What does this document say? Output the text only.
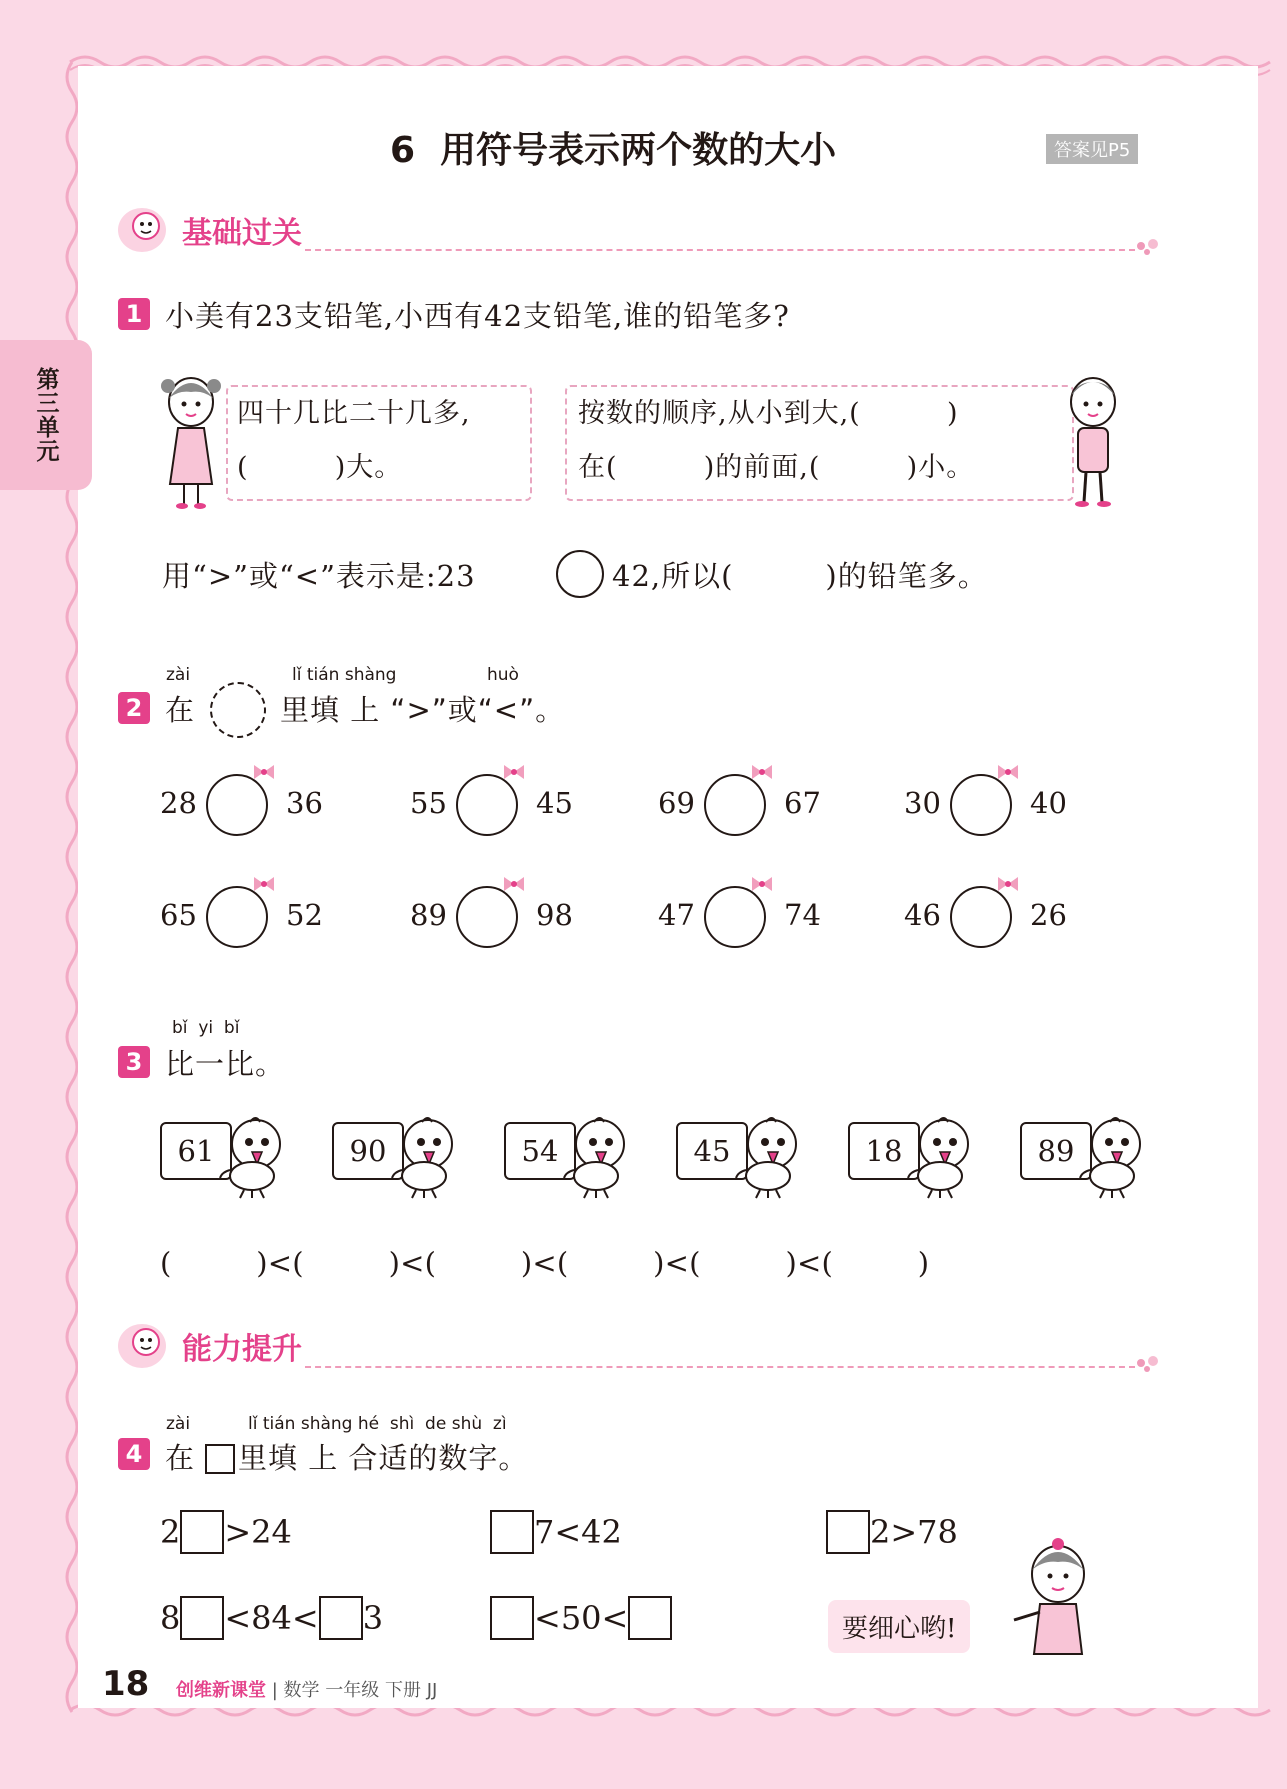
第三单元
6  用符号表示两个数的大小	答案见P5
基础过关
1 小美有23支铅笔,小西有42支铅笔,谁的铅笔多?
四十几比二十几多,
(         )大。
按数的顺序,从小到大,(         )
在(         )的前面,(         )小。
用“>”或“<”表示是:23	42,所以(         )的铅笔多。
2
zài	lǐ tián shàng	huò
在	里填 上 “>”或“<”。
28	36	55	45	69	67	30	40
65	52	89	98	47	74	46	26
3
bǐ  yi  bǐ
比一比。
61	90	54	45	18	89
(         )<(         )<(         )<(         )<(         )<(         )
能力提升
4
zài	lǐ tián shàng hé  shì  de shù  zì
在 里填 上 合适的数字。
2 >24	7<42	2>78
8 <84< 3	<50<	要细心哟!
18 创维新课堂 | 数学 一年级 下册 JJ
